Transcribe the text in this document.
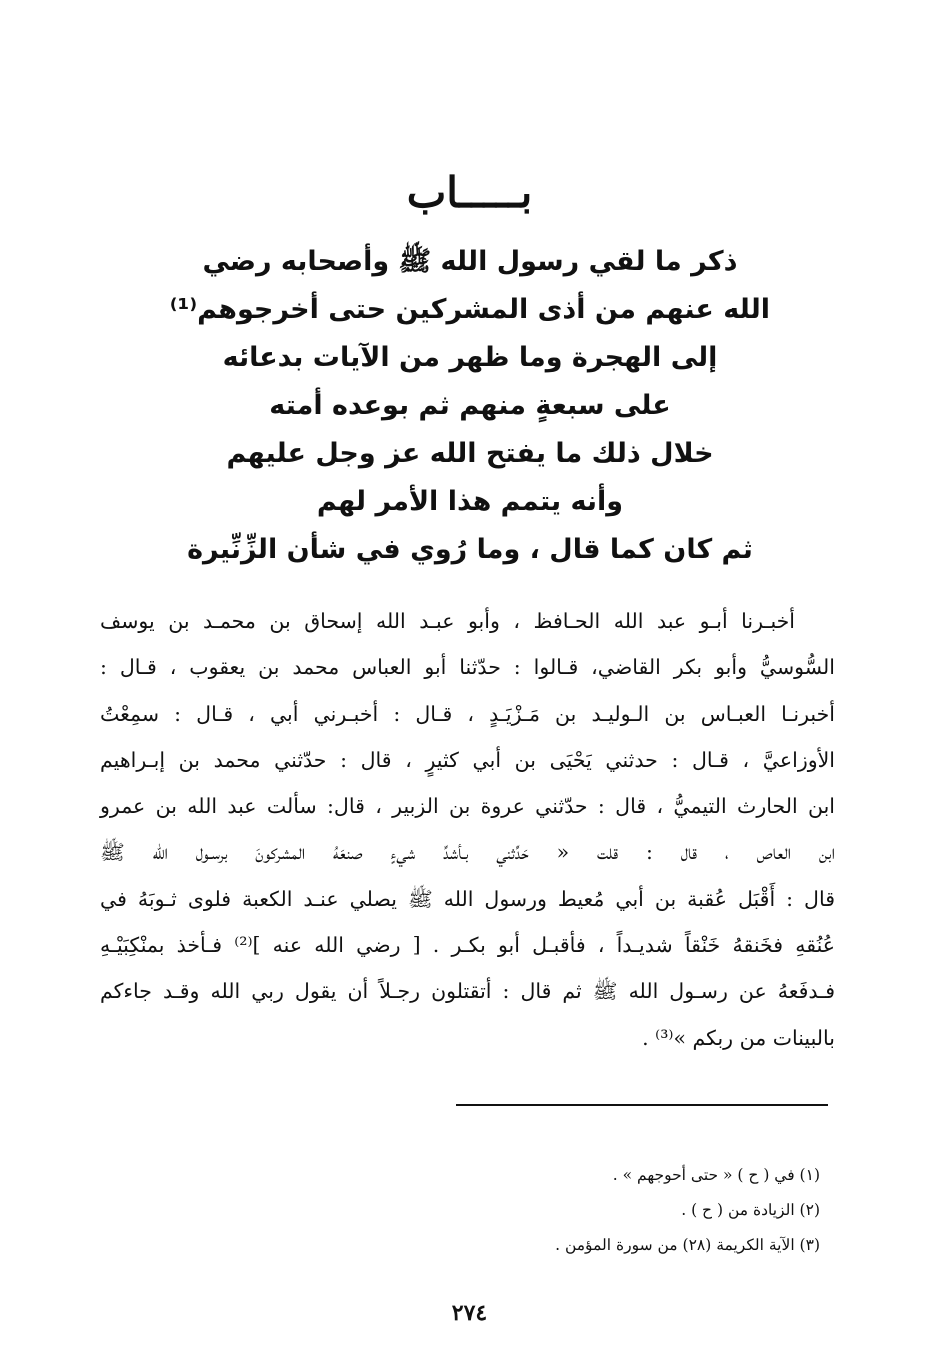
بـــــاب
ذكر ما لقي رسول الله ﷺ وأصحابه رضي
الله عنهم من أذى المشركين حتى أخرجوهم⁽¹⁾
إلى الهجرة وما ظهر من الآيات بدعائه
على سبعةٍ منهم ثم بوعده أمته
خلال ذلك ما يفتح الله عز وجل عليهم
وأنه يتمم هذا الأمر لهم
ثم كان كما قال ، وما رُوي في شأن الزِّنِّيرة
أخبـرنا أبـو عبد الله الحـافظ ، وأبو عبـد الله إسحاق بن محمـد بن يوسف
السُّوسيُّ وأبو بكر القاضي، قـالوا : حدّثنا أبو العباس محمد بن يعقوب ، قـال :
أخبرنـا العبـاس بن الـوليـد بن مَـزْيَـدٍ ، قـال : أخبـرني أبي ، قـال : سمِعْتُ
الأوزاعيَّ ، قـال : حدثني يَحْيَى بن أبي كثيرٍ ، قال : حدّثني محمد بن إبـراهيم
ابن الحارث التيميُّ ، قال : حدّثني عروة بن الزبير ، قال: سألت عبد الله بن عمرو
ابن العاص ، قال : قلت « حَدِّثني بـأشدِّ شيءٍ صنعَهُ المشركونَ برسـول الله ﷺ
قال : أَقْبَل عُقبة بن أبي مُعيط ورسول الله ﷺ يصلي عنـد الكعبة فلوى ثـوبَهُ في
عُنُقهِ فخَنقهُ خَنْقاً شديـداً ، فأقبـل أبو بكـر . [ رضي الله عنه ]⁽²⁾ فـأخذ بمنْكِبَيْـهِ
فـدفَعهُ عن رسـول الله ﷺ ثم قال : أتقتلون رجـلاً أن يقول ربي الله وقـد جاءكم
بالبينات من ربكم »⁽³⁾ .
(١) في ( ح ) « حتى أحوجهم » .
(٢) الزيادة من ( ح ) .
(٣) الآية الكريمة (٢٨) من سورة المؤمن .
٢٧٤
